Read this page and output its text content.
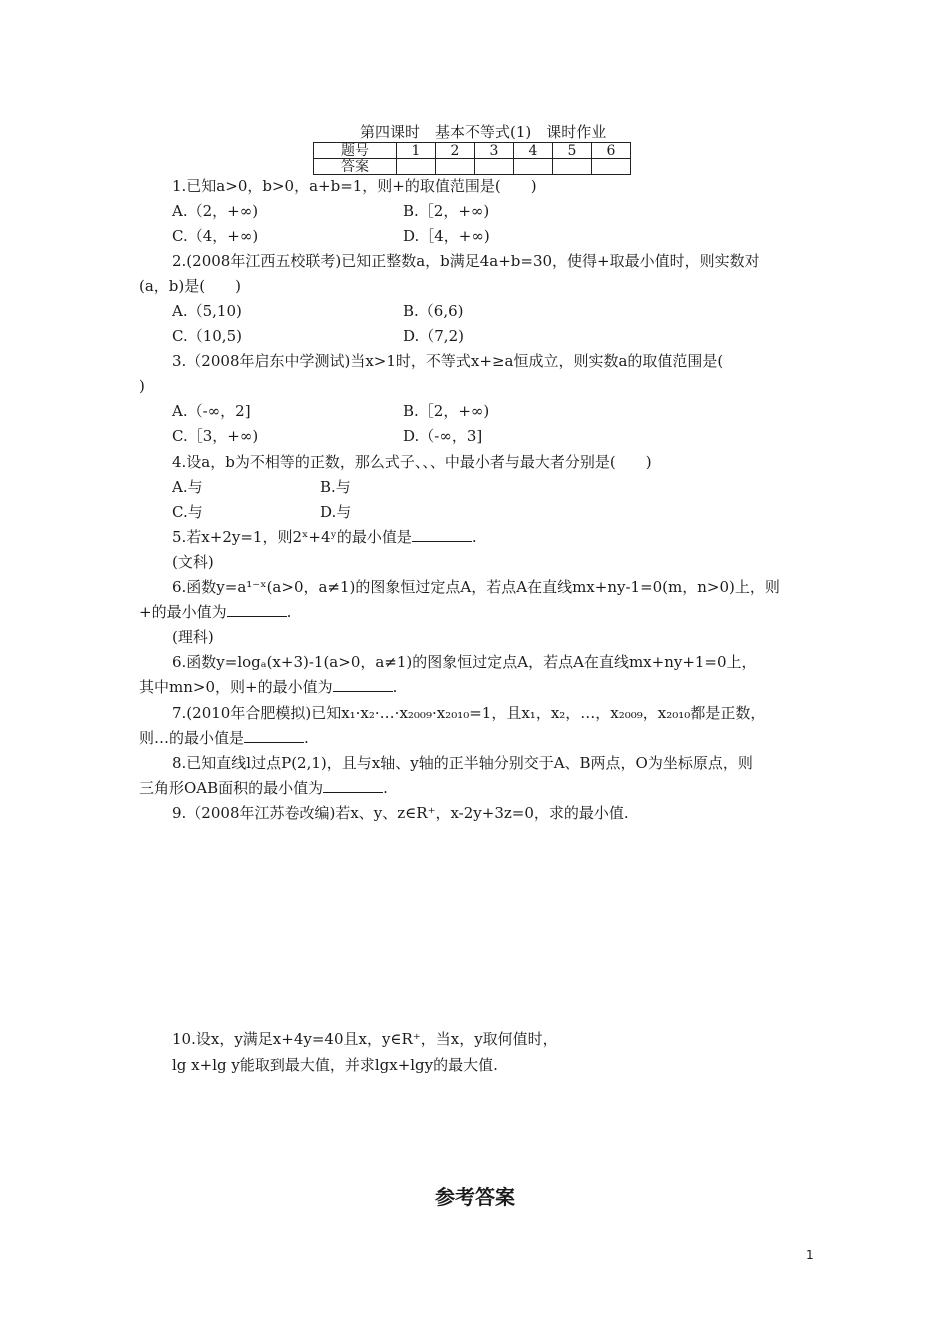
第四课时　基本不等式(1)　课时作业
题号	1	2	3	4	5	6
答案						
1.已知a>0，b>0，a+b=1，则+的取值范围是(　　)
A.（2，+∞)	B.［2，+∞)
C.（4，+∞)	D.［4，+∞)
2.(2008年江西五校联考)已知正整数a，b满足4a+b=30，使得+取最小值时，则实数对
(a，b)是(　　)
A.（5,10)	B.（6,6)
C.（10,5)	D.（7,2)
3.（2008年启东中学测试)当x>1时，不等式x+≥a恒成立，则实数a的取值范围是(
)
A.（-∞，2]	B.［2，+∞)
C.［3，+∞)	D.（-∞，3]
4.设a，b为不相等的正数，那么式子、、、中最小者与最大者分别是(　　)
A.与	B.与
C.与	D.与
5.若x+2y=1，则2ˣ+4ʸ的最小值是	.
(文科)
6.函数y=a¹⁻ˣ(a>0，a≠1)的图象恒过定点A，若点A在直线mx+ny-1=0(m，n>0)上，则
+的最小值为	.
(理科)
6.函数y=logₐ(x+3)-1(a>0，a≠1)的图象恒过定点A，若点A在直线mx+ny+1=0上，
其中mn>0，则+的最小值为	.
7.(2010年合肥模拟)已知x₁·x₂·…·x₂₀₀₉·x₂₀₁₀=1，且x₁，x₂，…，x₂₀₀₉，x₂₀₁₀都是正数，
则…的最小值是	.
8.已知直线l过点P(2,1)，且与x轴、y轴的正半轴分别交于A、B两点，O为坐标原点，则
三角形OAB面积的最小值为	.
9.（2008年江苏卷改编)若x、y、z∈R⁺，x-2y+3z=0，求的最小值.
10.设x，y满足x+4y=40且x，y∈R⁺，当x，y取何值时，
lg x+lg y能取到最大值，并求lgx+lgy的最大值.
参考答案
1
